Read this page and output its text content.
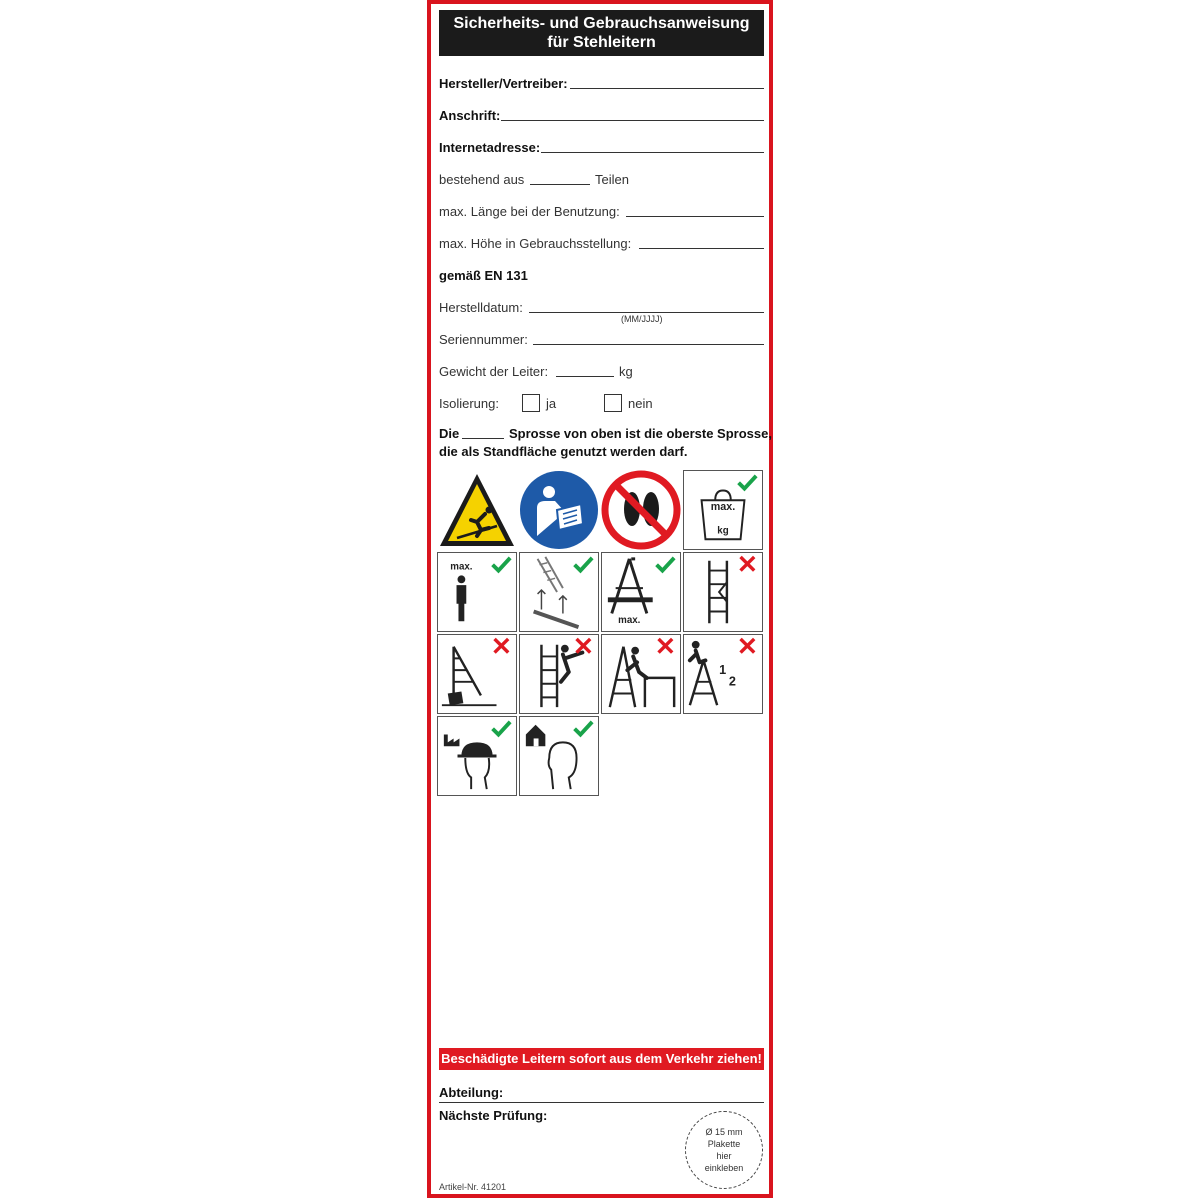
Sicherheits- und Gebrauchsanweisung
für Stehleitern
Hersteller/Vertreiber:
Anschrift:
Internetadresse:
bestehend aus	Teilen
max. Länge bei der Benutzung:
max. Höhe in Gebrauchsstellung:
gemäß EN 131
Herstelldatum:
(MM/JJJJ)
Seriennummer:
Gewicht der Leiter:	kg
Isolierung:	ja	nein
Die	Sprosse von oben ist die oberste Sprosse,
die als Standfläche genutzt werden darf.
max.
kg
max.
max.
1
2
Beschädigte Leitern sofort aus dem Verkehr ziehen!
Abteilung:
Nächste Prüfung:
Ø 15 mm
Plakette
hier
einkleben
Artikel-Nr. 41201
